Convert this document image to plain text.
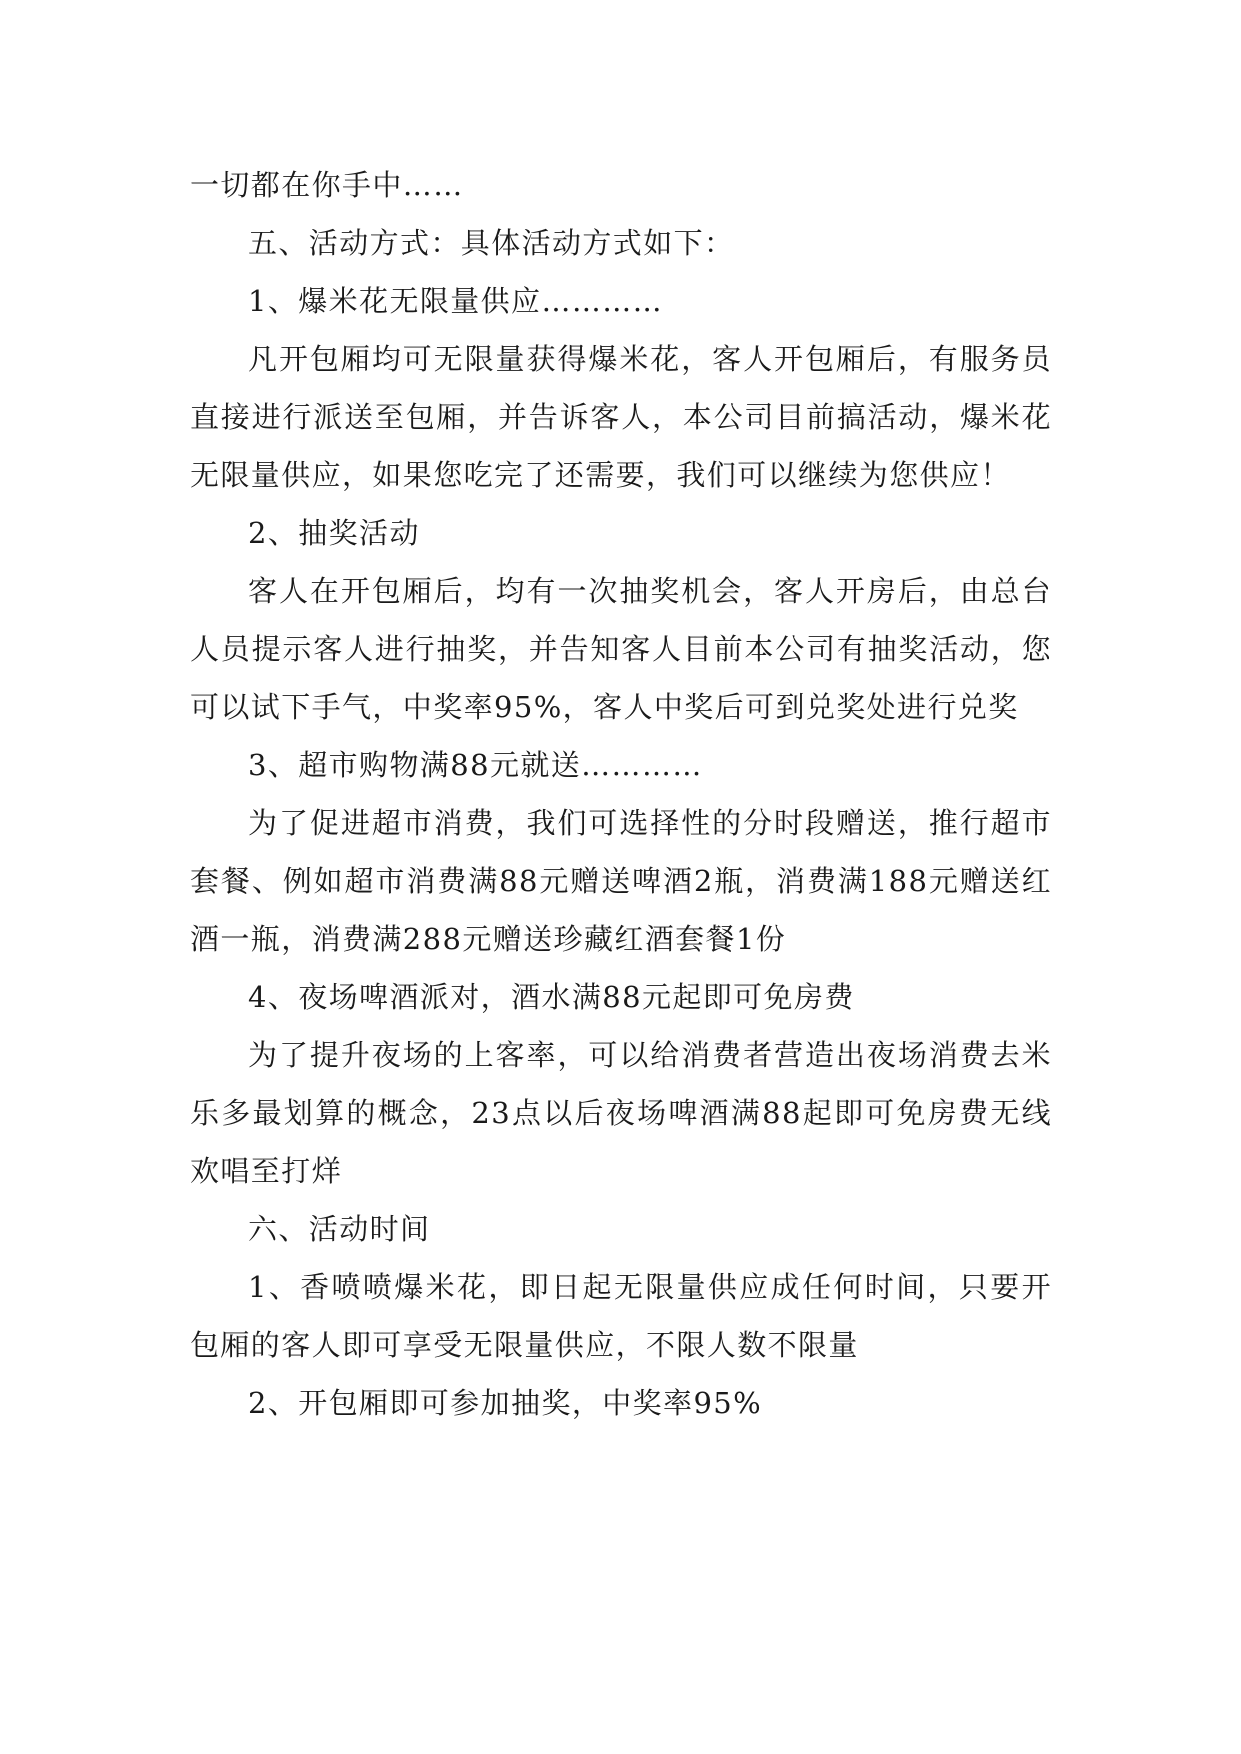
一切都在你手中……

五、活动方式：具体活动方式如下：

1、爆米花无限量供应…………

凡开包厢均可无限量获得爆米花，客人开包厢后，有服务员直接进行派送至包厢，并告诉客人，本公司目前搞活动，爆米花无限量供应，如果您吃完了还需要，我们可以继续为您供应！

2、抽奖活动

客人在开包厢后，均有一次抽奖机会，客人开房后，由总台人员提示客人进行抽奖，并告知客人目前本公司有抽奖活动，您可以试下手气，中奖率95%，客人中奖后可到兑奖处进行兑奖

3、超市购物满88元就送…………

为了促进超市消费，我们可选择性的分时段赠送，推行超市套餐、例如超市消费满88元赠送啤酒2瓶，消费满188元赠送红酒一瓶，消费满288元赠送珍藏红酒套餐1份

4、夜场啤酒派对，酒水满88元起即可免房费

为了提升夜场的上客率，可以给消费者营造出夜场消费去米乐多最划算的概念，23点以后夜场啤酒满88起即可免房费无线欢唱至打烊

六、活动时间

1、香喷喷爆米花，即日起无限量供应成任何时间，只要开包厢的客人即可享受无限量供应，不限人数不限量

2、开包厢即可参加抽奖，中奖率95%
